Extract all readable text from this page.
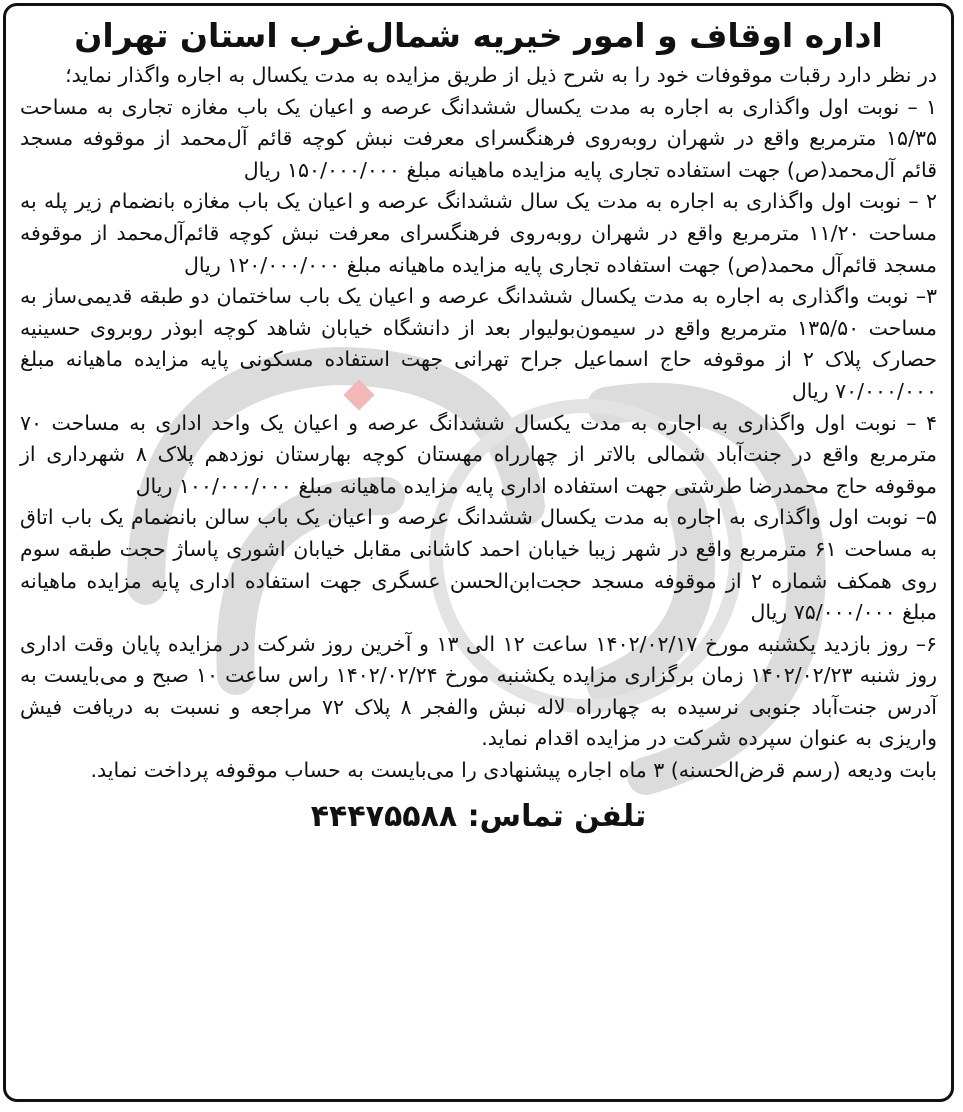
اداره اوقاف و امور خیریه شمال‌غرب استان تهران

در نظر دارد رقبات موقوفات خود را به شرح ذیل از طریق مزایده به مدت یکسال به اجاره واگذار نماید؛

۱ – نوبت اول واگذاری به اجاره به مدت یکسال ششدانگ عرصه و اعیان یک باب مغازه تجاری به مساحت ۱۵/۳۵ مترمربع واقع در شهران روبه‌روی فرهنگسرای معرفت نبش کوچه قائم آل‌محمد از موقوفه مسجد قائم آل‌محمد(ص) جهت استفاده تجاری پایه مزایده ماهیانه مبلغ ۱۵۰/۰۰۰/۰۰۰ ریال

۲ – نوبت اول واگذاری به اجاره به مدت یک سال ششدانگ عرصه و اعیان یک باب مغازه بانضمام زیر پله به مساحت ۱۱/۲۰ مترمربع واقع در شهران روبه‌روی فرهنگسرای معرفت نبش کوچه قائم‌آل‌محمد از موقوفه مسجد قائم‌آل محمد(ص) جهت استفاده تجاری پایه مزایده ماهیانه مبلغ ۱۲۰/۰۰۰/۰۰۰ ریال

۳– نوبت واگذاری به اجاره به مدت یکسال ششدانگ عرصه و اعیان یک باب ساختمان دو طبقه قدیمی‌ساز به مساحت ۱۳۵/۵۰ مترمربع واقع در سیمون‌بولیوار بعد از دانشگاه خیابان شاهد کوچه ابوذر روبروی حسینیه حصارک پلاک ۲ از موقوفه حاج اسماعیل جراح تهرانی جهت استفاده مسکونی پایه مزایده ماهیانه مبلغ ۷۰/۰۰۰/۰۰۰ ریال

۴ – نوبت اول واگذاری به اجاره به مدت یکسال ششدانگ عرصه و اعیان یک واحد اداری به مساحت ۷۰ مترمربع واقع در جنت‌آباد شمالی بالاتر از چهارراه مهستان کوچه بهارستان نوزدهم پلاک ۸ شهرداری از موقوفه حاج محمدرضا طرشتی جهت استفاده اداری پایه مزایده ماهیانه مبلغ ۱۰۰/۰۰۰/۰۰۰ ریال

۵– نوبت اول واگذاری به اجاره به مدت یکسال ششدانگ عرصه و اعیان یک باب سالن بانضمام یک باب اتاق به مساحت ۶۱ مترمربع واقع در شهر زیبا خیابان احمد کاشانی مقابل خیابان اشوری پاساژ حجت طبقه سوم روی همکف شماره ۲ از موقوفه مسجد حجت‌ابن‌الحسن عسگری جهت استفاده اداری پایه مزایده ماهیانه مبلغ ۷۵/۰۰۰/۰۰۰ ریال

۶– روز بازدید یکشنبه مورخ ۱۴۰۲/۰۲/۱۷ ساعت ۱۲ الی ۱۳ و آخرین روز شرکت در مزایده پایان وقت اداری روز شنبه ۱۴۰۲/۰۲/۲۳ زمان برگزاری مزایده یکشنبه مورخ ۱۴۰۲/۰۲/۲۴ راس ساعت ۱۰ صبح و می‌بایست به آدرس جنت‌آباد جنوبی نرسیده به چهارراه لاله نبش والفجر ۸ پلاک ۷۲ مراجعه و نسبت به دریافت فیش واریزی به عنوان سپرده شرکت در مزایده اقدام نماید.

بابت ودیعه (رسم قرض‌الحسنه) ۳ ماه اجاره پیشنهادی را می‌بایست به حساب موقوفه پرداخت نماید.

تلفن تماس: ۴۴۴۷۵۵۸۸
